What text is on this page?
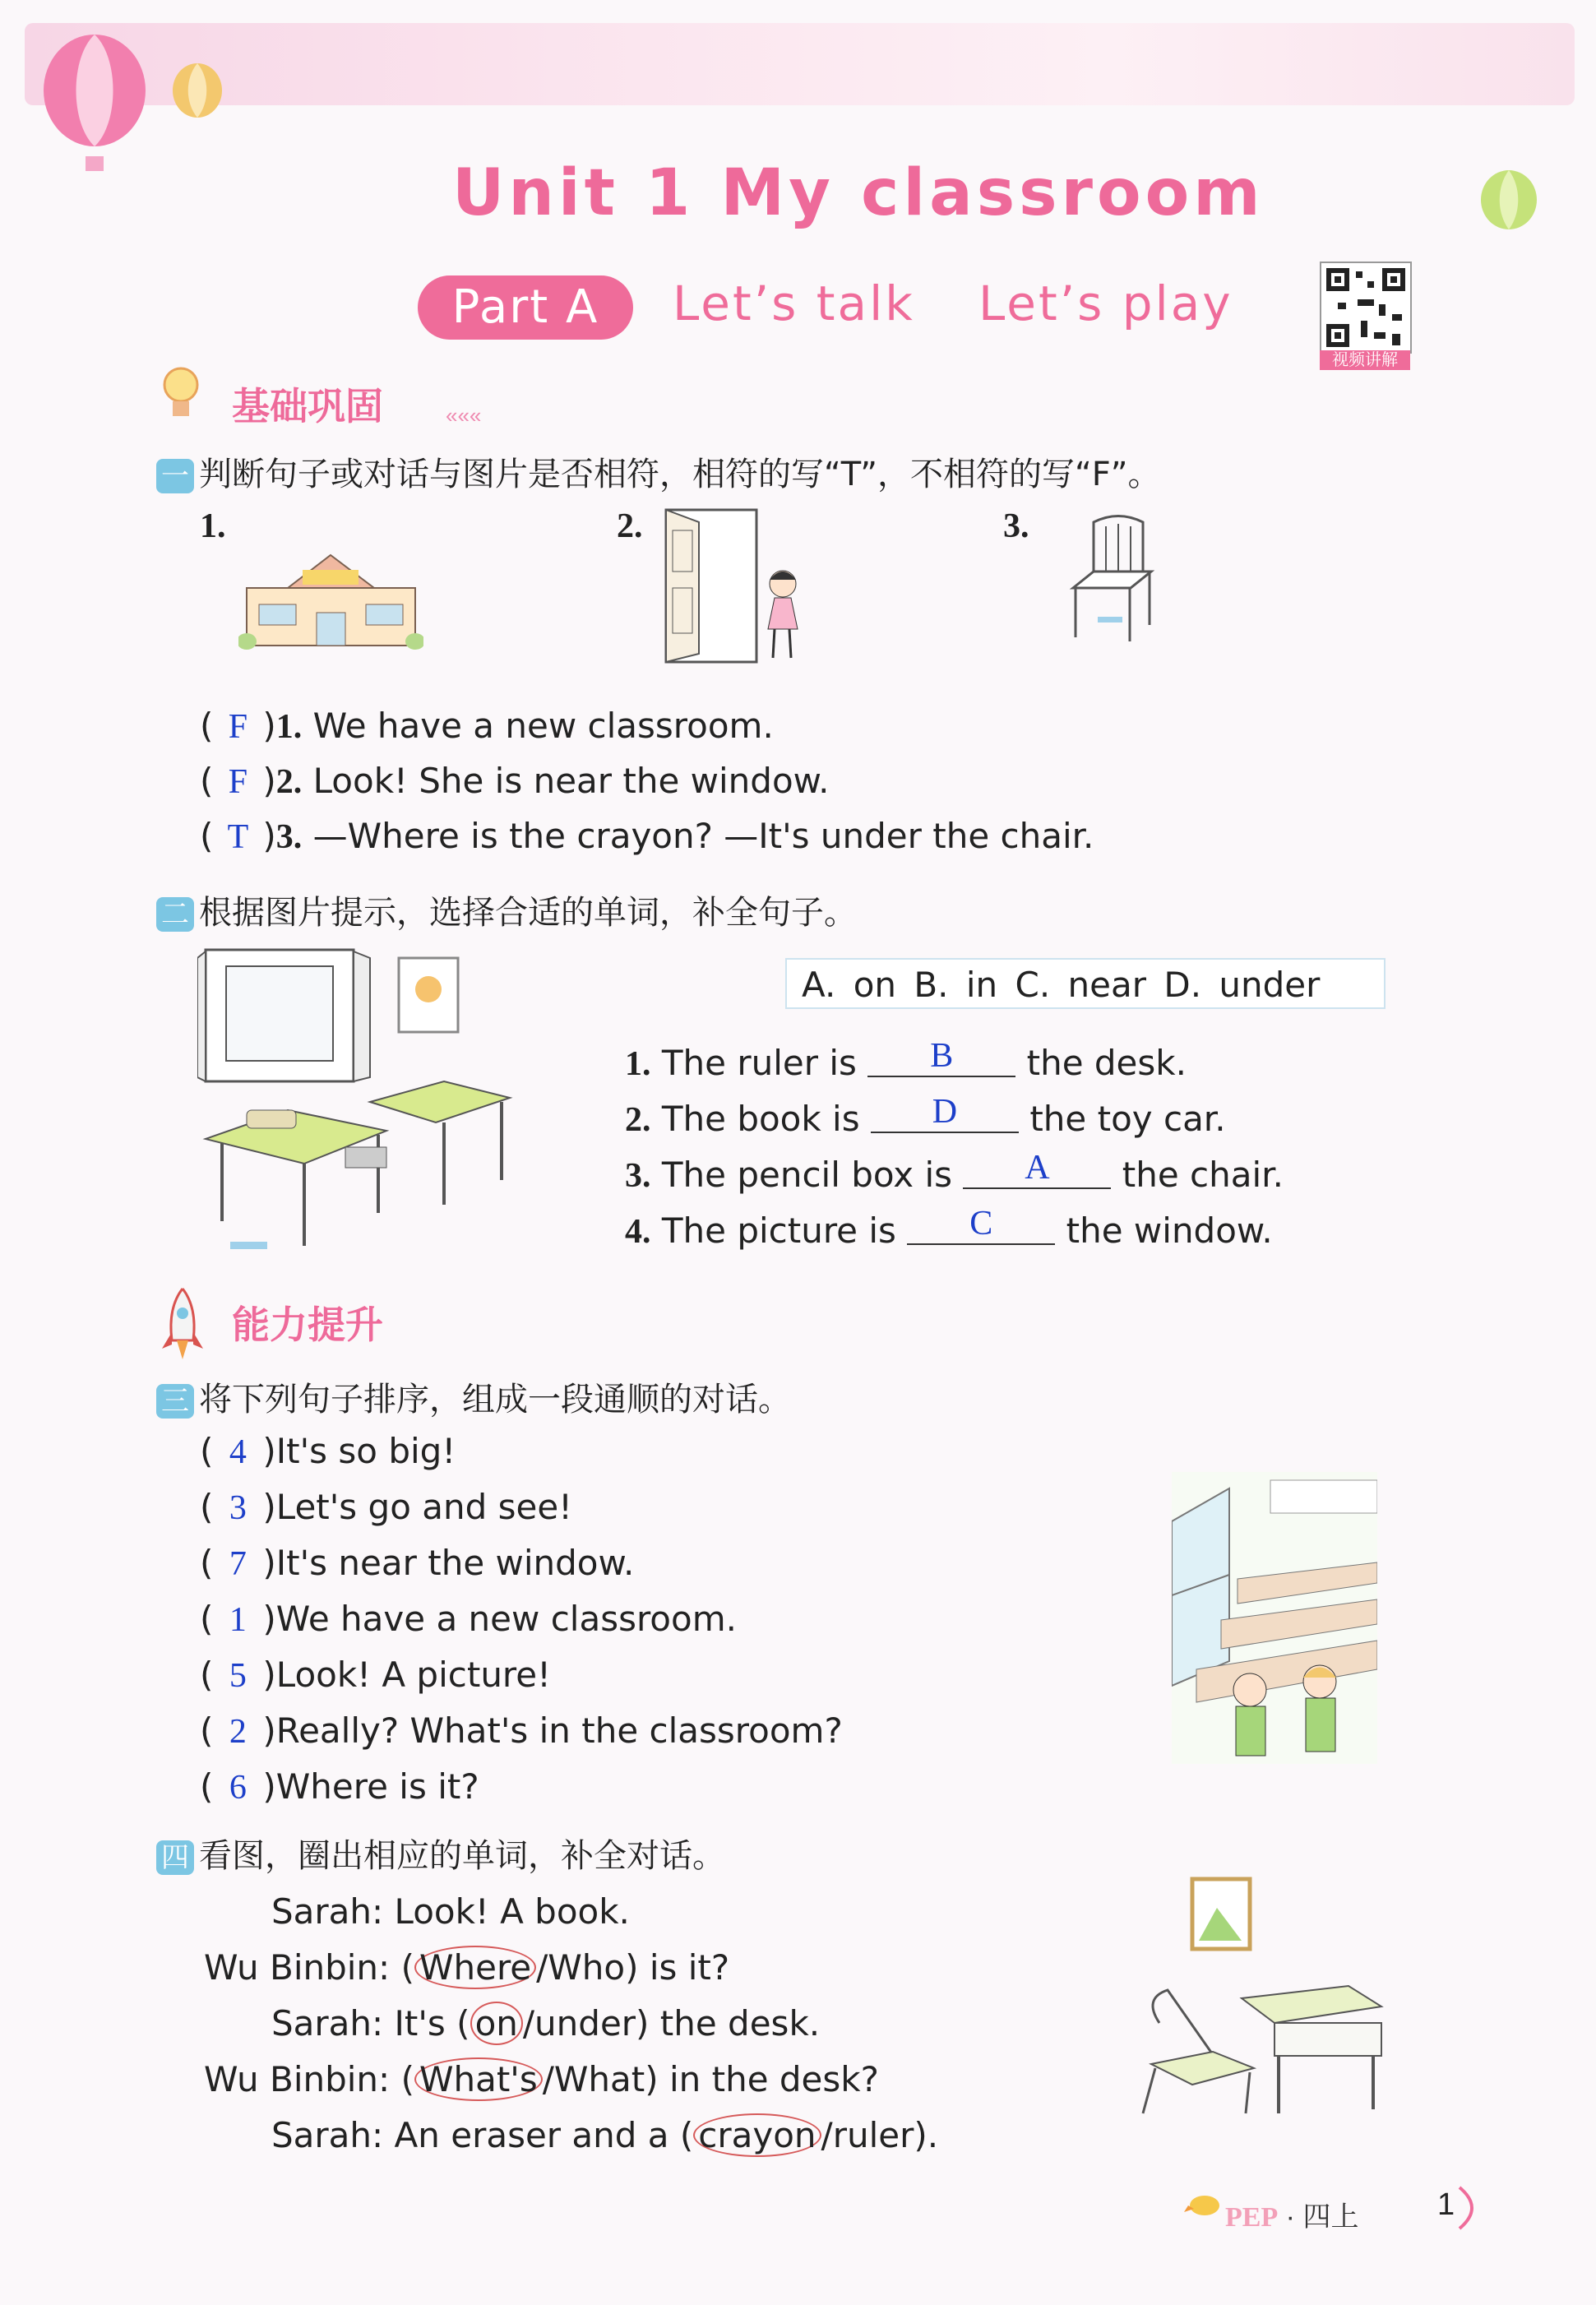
Unit 1 My classroom
Part A	Let’s talk Let’s play
视频讲解
基础巩固	«««
一 判断句子或对话与图片是否相符，相符的写“T”，不相符的写“F”。
1.	2.	3.
( F )1. We have a new classroom.
( F )2. Look! She is near the window.
( T )3. —Where is the crayon? —It's under the chair.
二 根据图片提示，选择合适的单词，补全句子。
A. on B. in C. near D. under
1. The ruler is B the desk.
2. The book is D the toy car.
3. The pencil box is A the chair.
4. The picture is C the window.
能力提升
三 将下列句子排序，组成一段通顺的对话。
( 4 )It's so big!
( 3 )Let's go and see!
( 7 )It's near the window.
( 1 )We have a new classroom.
( 5 )Look! A picture!
( 2 )Really? What's in the classroom?
( 6 )Where is it?
四 看图，圈出相应的单词，补全对话。
Sarah: Look! A book.
Wu Binbin: ( Where /Who) is it?
Sarah: It's ( on /under) the desk.
Wu Binbin: ( What's /What) in the desk?
Sarah: An eraser and a ( crayon /ruler).
PEP · 四上	1
